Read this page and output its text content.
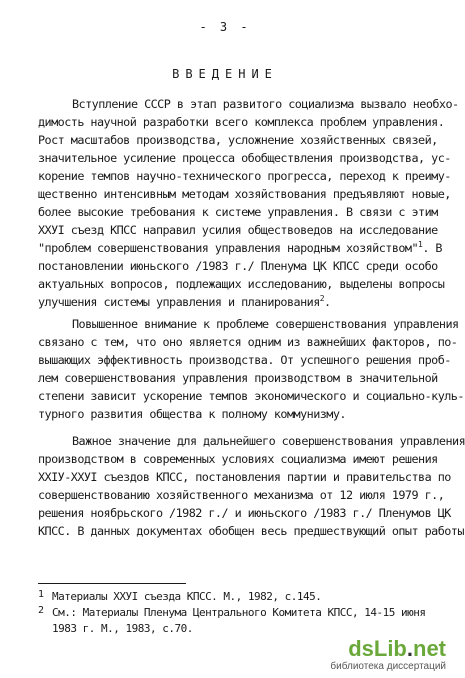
- 3 -
ВВЕДЕНИЕ
Вступление СССР в этап развитого социализма вызвало необхо-
димость научной разработки всего комплекса проблем управления.
Рост масштабов производства, усложнение хозяйственных связей,
значительное усиление процесса обобществления производства, ус-
корение темпов научно-технического прогресса, переход к преиму-
щественно интенсивным методам хозяйствования предъявляют новые,
более высокие требования к системе управления. В связи с этим
ХХУI съезд КПСС направил усилия обществоведов на исследование
"проблем совершенствования управления народным хозяйством"$^1$. В
постановлении июньского /1983 г./ Пленума ЦК КПСС среди особо
актуальных вопросов, подлежащих исследованию, выделены вопросы
улучшения системы управления и планирования$^2$.
Повышенное внимание к проблеме совершенствования управления
связано с тем, что оно является одним из важнейших факторов, по-
вышающих эффективность производства. От успешного решения проб-
лем совершенствования управления производством в значительной
степени зависит ускорение темпов экономического и социально-куль-
турного развития общества к полному коммунизму.
Важное значение для дальнейшего совершенствования управления
производством в современных условиях социализма имеют решения
ХХIУ-ХХУI съездов КПСС, постановления партии и правительства по
совершенствованию хозяйственного механизма от 12 июля 1979 г.,
решения ноябрьского /1982 г./ и июньского /1983 г./ Пленумов ЦК
КПСС. В данных документах обобщен весь предшествующий опыт работы
1 Материалы ХХУI съезда КПСС. М., 1982, с.145.
2 См.: Материалы Пленума Центрального Комитета КПСС, 14-15 июня
1983 г. М., 1983, с.70.
dsLib.net
библиотека диссертаций
